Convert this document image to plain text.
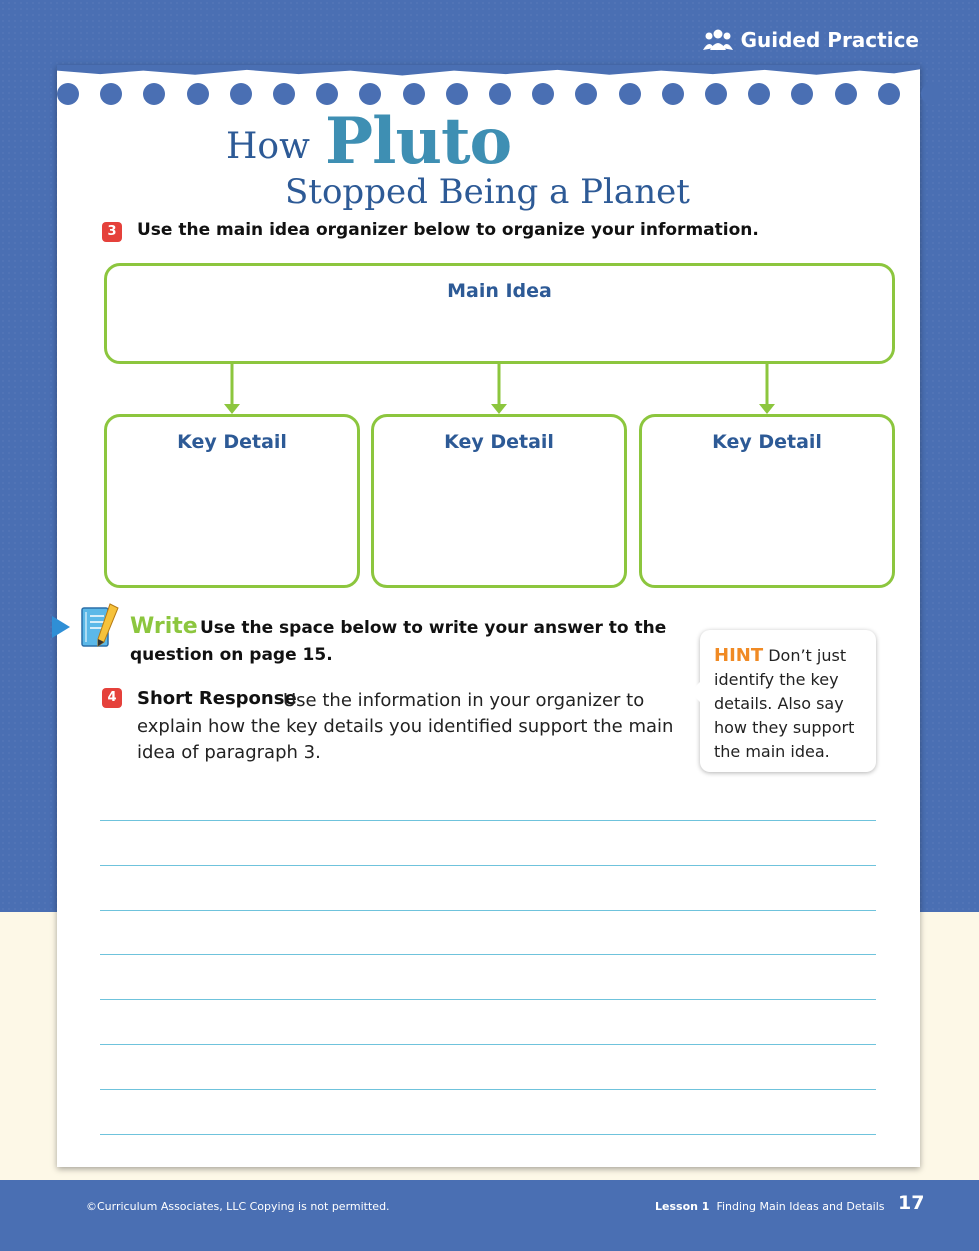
Guided Practice
How Pluto
Stopped Being a Planet
3	Use the main idea organizer below to organize your information.
Main Idea
Key Detail	Key Detail	Key Detail
Write Use the space below to write your answer to the
question on page 15.
4	Short Response
Use the information in your organizer to explain how the key details you identified support the main idea of paragraph 3.
HINT Don’t just identify the key details. Also say how they support the main idea.
©Curriculum Associates, LLC Copying is not permitted.	Lesson 1 Finding Main Ideas and Details 17
